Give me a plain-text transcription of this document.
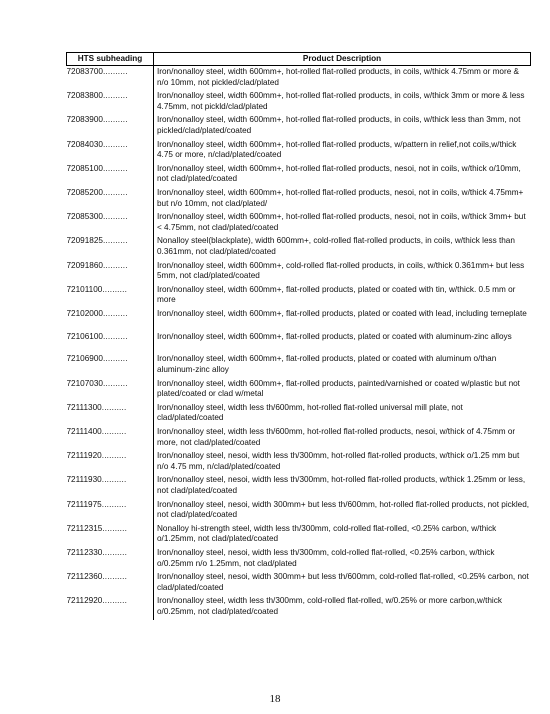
HTS subheading	Product Description
72083700..........	Iron/nonalloy steel, width 600mm+, hot-rolled flat-rolled products, in coils, w/thick 4.75mm or more & n/o 10mm, not pickled/clad/plated
72083800..........	Iron/nonalloy steel, width 600mm+, hot-rolled flat-rolled products, in coils, w/thick 3mm or more & less 4.75mm, not pickld/clad/plated
72083900..........	Iron/nonalloy steel, width 600mm+, hot-rolled flat-rolled products, in coils, w/thick less than 3mm, not pickled/clad/plated/coated
72084030..........	Iron/nonalloy steel, width 600mm+, hot-rolled flat-rolled products, w/pattern in relief,not coils,w/thick 4.75 or more, n/clad/plated/coated
72085100..........	Iron/nonalloy steel, width 600mm+, hot-rolled flat-rolled products, nesoi, not in coils, w/thick o/10mm, not clad/plated/coated
72085200..........	Iron/nonalloy steel, width 600mm+, hot-rolled flat-rolled products, nesoi, not in coils, w/thick 4.75mm+ but n/o 10mm, not clad/plated/
72085300..........	Iron/nonalloy steel, width 600mm+, hot-rolled flat-rolled products, nesoi, not in coils, w/thick 3mm+ but < 4.75mm, not clad/plated/coated
72091825..........	Nonalloy steel(blackplate), width 600mm+, cold-rolled flat-rolled products, in coils, w/thick less than 0.361mm, not clad/plated/coated
72091860..........	Iron/nonalloy steel, width 600mm+, cold-rolled flat-rolled products, in coils, w/thick 0.361mm+ but less 5mm, not clad/plated/coated
72101100..........	Iron/nonalloy steel, width 600mm+, flat-rolled products, plated or coated with tin, w/thick. 0.5 mm or more
72102000..........	Iron/nonalloy steel, width 600mm+, flat-rolled products, plated or coated with lead, including terneplate
72106100..........	Iron/nonalloy steel, width 600mm+, flat-rolled products, plated or coated with aluminum-zinc alloys
72106900..........	Iron/nonalloy steel, width 600mm+, flat-rolled products, plated or coated with aluminum o/than aluminum-zinc alloy
72107030..........	Iron/nonalloy steel, width 600mm+, flat-rolled products, painted/varnished or coated w/plastic but not plated/coated or clad w/metal
72111300..........	Iron/nonalloy steel, width less th/600mm, hot-rolled flat-rolled universal mill plate, not clad/plated/coated
72111400..........	Iron/nonalloy steel, width less th/600mm, hot-rolled flat-rolled products, nesoi, w/thick of 4.75mm or more, not clad/plated/coated
72111920..........	Iron/nonalloy steel, nesoi, width less th/300mm, hot-rolled flat-rolled products, w/thick o/1.25 mm but n/o 4.75 mm, n/clad/plated/coated
72111930..........	Iron/nonalloy steel, nesoi, width less th/300mm, hot-rolled flat-rolled products, w/thick 1.25mm or less, not clad/plated/coated
72111975..........	Iron/nonalloy steel, nesoi, width 300mm+ but less th/600mm, hot-rolled flat-rolled products, not pickled, not clad/plated/coated
72112315..........	Nonalloy hi-strength steel, width less th/300mm, cold-rolled flat-rolled, <0.25% carbon, w/thick o/1.25mm, not clad/plated/coated
72112330..........	Iron/nonalloy steel, nesoi, width less th/300mm, cold-rolled flat-rolled, <0.25% carbon, w/thick o/0.25mm n/o 1.25mm, not clad/plated
72112360..........	Iron/nonalloy steel, nesoi, width 300mm+ but less th/600mm, cold-rolled flat-rolled, <0.25% carbon, not clad/plated/coated
72112920..........	Iron/nonalloy steel, width less th/300mm, cold-rolled flat-rolled, w/0.25% or more carbon,w/thick o/0.25mm, not clad/plated/coated
18
